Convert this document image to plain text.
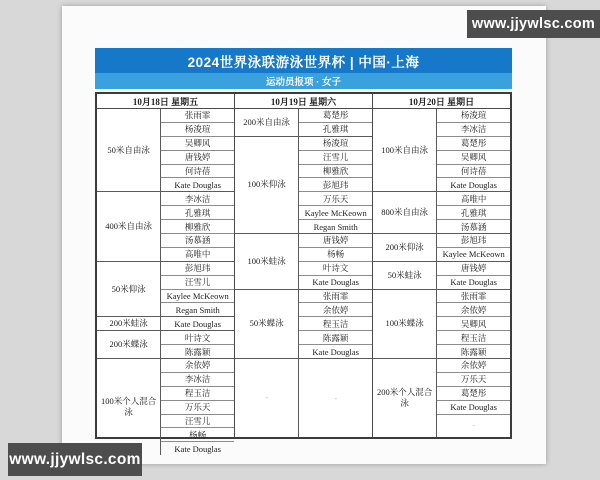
2024世界泳联游泳世界杯 | 中国·上海
运动员报项 · 女子
10月18日 星期五
50米自由泳
张雨霏
杨浚瑄
吴卿风
唐钱婷
何诗蓓
Kate Douglas
400米自由泳
李冰洁
孔雅琪
柳雅欣
汤慕涵
高唯中
50米仰泳
彭旭玮
汪雪儿
Kaylee McKeown
Regan Smith
200米蛙泳	Kate Douglas
200米蝶泳
叶诗文
陈露颖
100米个人混合泳
余依婷
李冰洁
程玉洁
万乐天
汪雪儿
杨畅
Kate Douglas
10月19日 星期六
200米自由泳
葛楚彤
孔雅琪
100米仰泳
杨浚瑄
汪雪儿
柳雅欣
彭旭玮
万乐天
Kaylee McKeown
Regan Smith
100米蛙泳
唐钱婷
杨畅
叶诗文
Kate Douglas
50米蝶泳
张雨霏
余依婷
程玉洁
陈露颖
Kate Douglas
-	-
10月20日 星期日
100米自由泳
杨浚瑄
李冰洁
葛楚彤
吴卿风
何诗蓓
Kate Douglas
800米自由泳
高唯中
孔雅琪
汤慕涵
200米仰泳
彭旭玮
Kaylee McKeown
50米蛙泳
唐钱婷
Kate Douglas
100米蝶泳
张雨霏
余依婷
吴卿风
程玉洁
陈露颖
200米个人混合泳
余依婷
万乐天
葛楚彤
Kate Douglas
-
www.jjywlsc.com
www.jjywlsc.com
